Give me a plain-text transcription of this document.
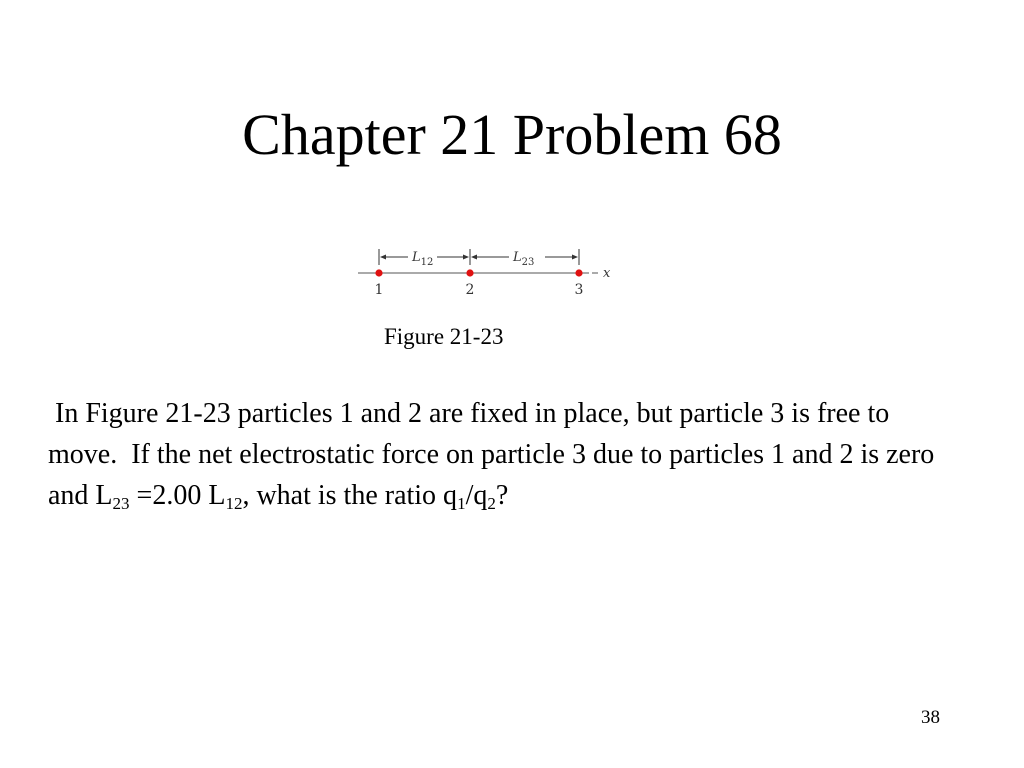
Chapter 21 Problem 68
$L_{12}$	$L_{23}$
x
1	2	3
Figure 21-23
In Figure 21-23 particles 1 and 2 are fixed in place, but particle 3 is free to move.  If the net electrostatic force on particle 3 due to particles 1 and 2 is zero and $L_{23} =2.00$ $L_{12}$, what is the ratio $q_1/q_2$?
38
